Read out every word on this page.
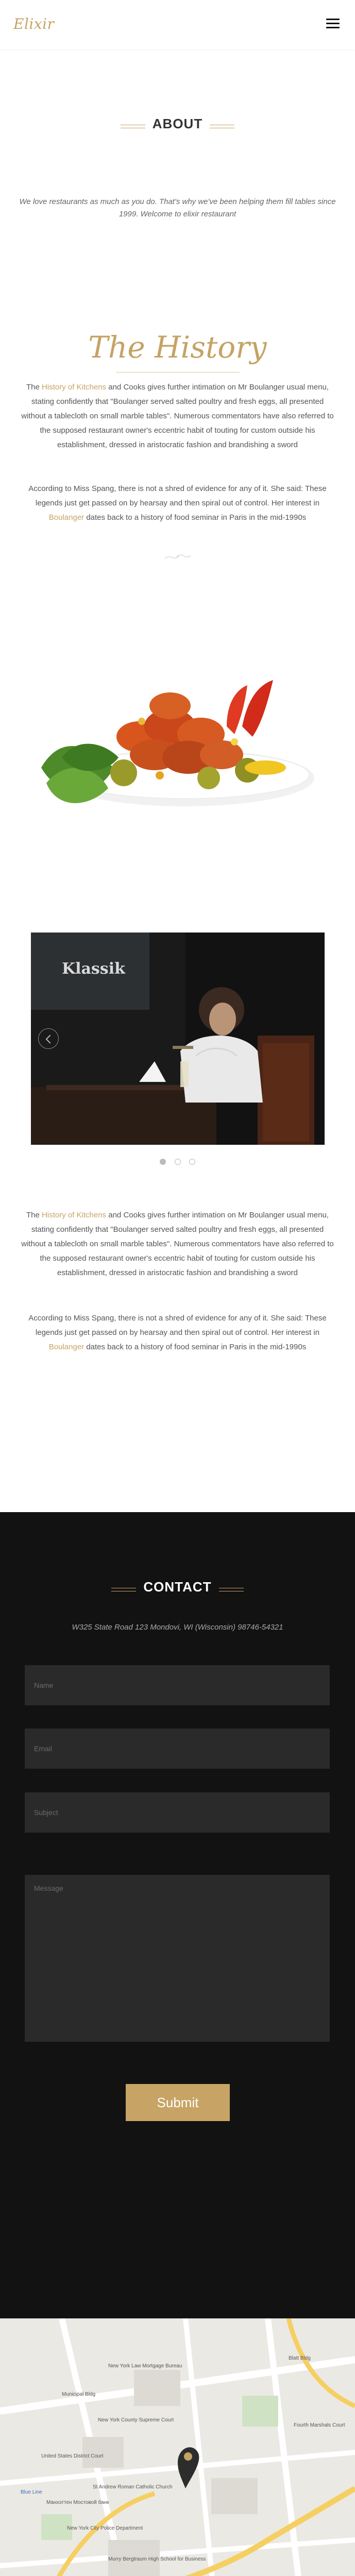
Elixir
ABOUT
We love restaurants as much as you do. That's why we've been helping them fill tables since 1999. Welcome to elixir restaurant
The History
The History of Kitchens and Cooks gives further intimation on Mr Boulanger usual menu, stating confidently that "Boulanger served salted poultry and fresh eggs, all presented without a tablecloth on small marble tables". Numerous commentators have also referred to the supposed restaurant owner's eccentric habit of touting for custom outside his establishment, dressed in aristocratic fashion and brandishing a sword
According to Miss Spang, there is not a shred of evidence for any of it. She said: These legends just get passed on by hearsay and then spiral out of control. Her interest in Boulanger dates back to a history of food seminar in Paris in the mid-1990s
Klassik

The History of Kitchens and Cooks gives further intimation on Mr Boulanger usual menu, stating confidently that "Boulanger served salted poultry and fresh eggs, all presented without a tablecloth on small marble tables". Numerous commentators have also referred to the supposed restaurant owner's eccentric habit of touting for custom outside his establishment, dressed in aristocratic fashion and brandishing a sword
According to Miss Spang, there is not a shred of evidence for any of it. She said: These legends just get passed on by hearsay and then spiral out of control. Her interest in Boulanger dates back to a history of food seminar in Paris in the mid-1990s
CONTACT
W325 State Road 123 Mondovi, WI (Wisconsin) 98746-54321
Name
Email
Subject
Message
Submit
New York Law Mortgage Bureau
Municipal Bldg
New York County Supreme Court
Fourth Marshals Court
United States District Court
St Andrew Roman Catholic Church
Манхэттен Мостовой банк
New York City Police Department
Blatt Bldg
Murry Bergtraum High School for Business
Blue Line
